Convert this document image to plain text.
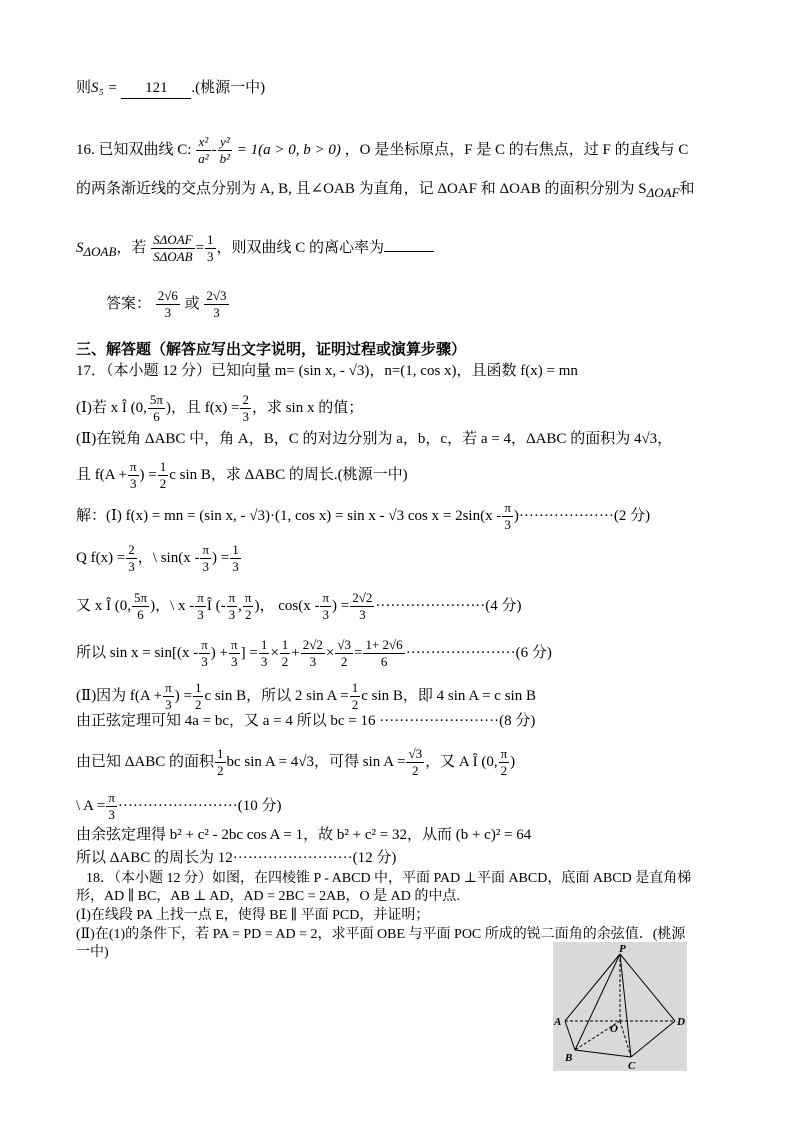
则S₅ = 121 .(桃源一中)
16. 已知双曲线 C: $\frac{\text{x²}}{\text{a²}} - \frac{\text{y²}}{\text{b²}} = 1(a > 0$, b > 0) ，O 是坐标原点，F 是 C 的右焦点，过 F 的直线与 C
的两条渐近线的交点分别为 A, B, 且∠OAB 为直角，记 ΔOAF 和 ΔOAB 的面积分别为 $S_{\Delta OAF}$和
$S_{\Delta OAB}$，若 $\frac{\text{SΔOAF}}{\text{SΔOAB}} = \frac{1}{3}$ ，则双曲线 C 的离心率为
答案： $\frac{2√6}{3}$ 或 $\frac{2√3}{3}$
三、解答题（解答应写出文字说明，证明过程或演算步骤）
17．（本小题 12 分）已知向量 m= (sin x, - √3)，n=(1, cos x)，且函数 f(x) = mn
(Ⅰ)若 x Î (0, $\frac{5\pi}{6}$ )，且 $f(x) = \frac{2}{3}$ ，求 sin x 的值；
(Ⅱ)在锐角 ΔABC 中，角 A，B，C 的对边分别为 a，b，c，若 a = 4，ΔABC 的面积为 4√3，
且 $f(A + \frac{\pi}{3}$ ) = $\frac{1}{2}$ c sin B，求 ΔABC 的周长.(桃源一中)
解：(Ⅰ) f(x) = mn = (sin x, - √3)·(1, cos x) = sin x - √3 $\cos x = 2\sin(x - \frac{\pi}{3} )\cdot\cdot\cdot\cdot\cdot\cdot\cdot\cdot\cdot\cdot\cdot\cdot\cdot\cdot\cdot\cdot\cdot\cdot\cdot(2$ 分)
Q $f(x) = \frac{2}{3}$ ，\ $\sin(x - \frac{\pi}{3}$ ) = $\frac{1}{3}$
又 x Î (0, $\frac{5\pi}{6}$ )，\ x - $\frac{\pi}{3}$ Î (- $\frac{\pi}{3}$ , $\frac{\pi}{2}$ )， $\cos(x - \frac{\pi}{3}$ ) = $\frac{2√2}{3} \cdot\cdot\cdot\cdot\cdot\cdot\cdot\cdot\cdot\cdot\cdot\cdot\cdot\cdot\cdot\cdot\cdot\cdot\cdot\cdot\cdot\cdot(4$ 分)
所以 $\sin x = \sin[(x - \frac{\pi}{3}$ ) + $\frac{\pi}{3}$ ] = $\frac{1}{3} \times \frac{1}{2} + \frac{2√2}{3} \times \frac{√3}{2} = \frac{1+ 2√6}{6} \cdot\cdot\cdot\cdot\cdot\cdot\cdot\cdot\cdot\cdot\cdot\cdot\cdot\cdot\cdot\cdot\cdot\cdot\cdot\cdot\cdot\cdot(6$ 分)
(Ⅱ)因为 $f(A + \frac{\pi}{3}$ ) = $\frac{1}{2}$ c sin B，所以 2 $\sin A = \frac{1}{2}$ c sin B，即 4 sin A = c sin B
由正弦定理可知 4a = bc，又 a = 4 所以 bc = 16 ························(8 分)
由已知 ΔABC 的面积 $\frac{1}{2}$ bc sin A = 4√3，可得 $\sin A = \frac{√3}{2}$ ，又 A Î (0, $\frac{\pi}{2}$ )
\ $A = \frac{\pi}{3} \cdot\cdot\cdot\cdot\cdot\cdot\cdot\cdot\cdot\cdot\cdot\cdot\cdot\cdot\cdot\cdot\cdot\cdot\cdot\cdot\cdot\cdot\cdot\cdot(10$ 分)
由余弦定理得 b² + c² - 2bc cos A = 1，故 b² + c² = 32，从而 (b + c)² = 64
所以 ΔABC 的周长为 12························(12 分)
18．（本小题 12 分）如图，在四棱锥 P - ABCD 中，平面 PAD ⊥平面 ABCD，底面 ABCD 是直角梯
形，AD ∥ BC，AB ⊥ AD，AD = 2BC = 2AB，O 是 AD 的中点.
(Ⅰ)在线段 PA 上找一点 E，使得 BE ∥ 平面 PCD，并证明；
(Ⅱ)在(1)的条件下，若 PA = PD = AD = 2，求平面 OBE 与平面 POC 所成的锐二面角的余弦值．(桃源
一中)	P
A
B
C
D
O
